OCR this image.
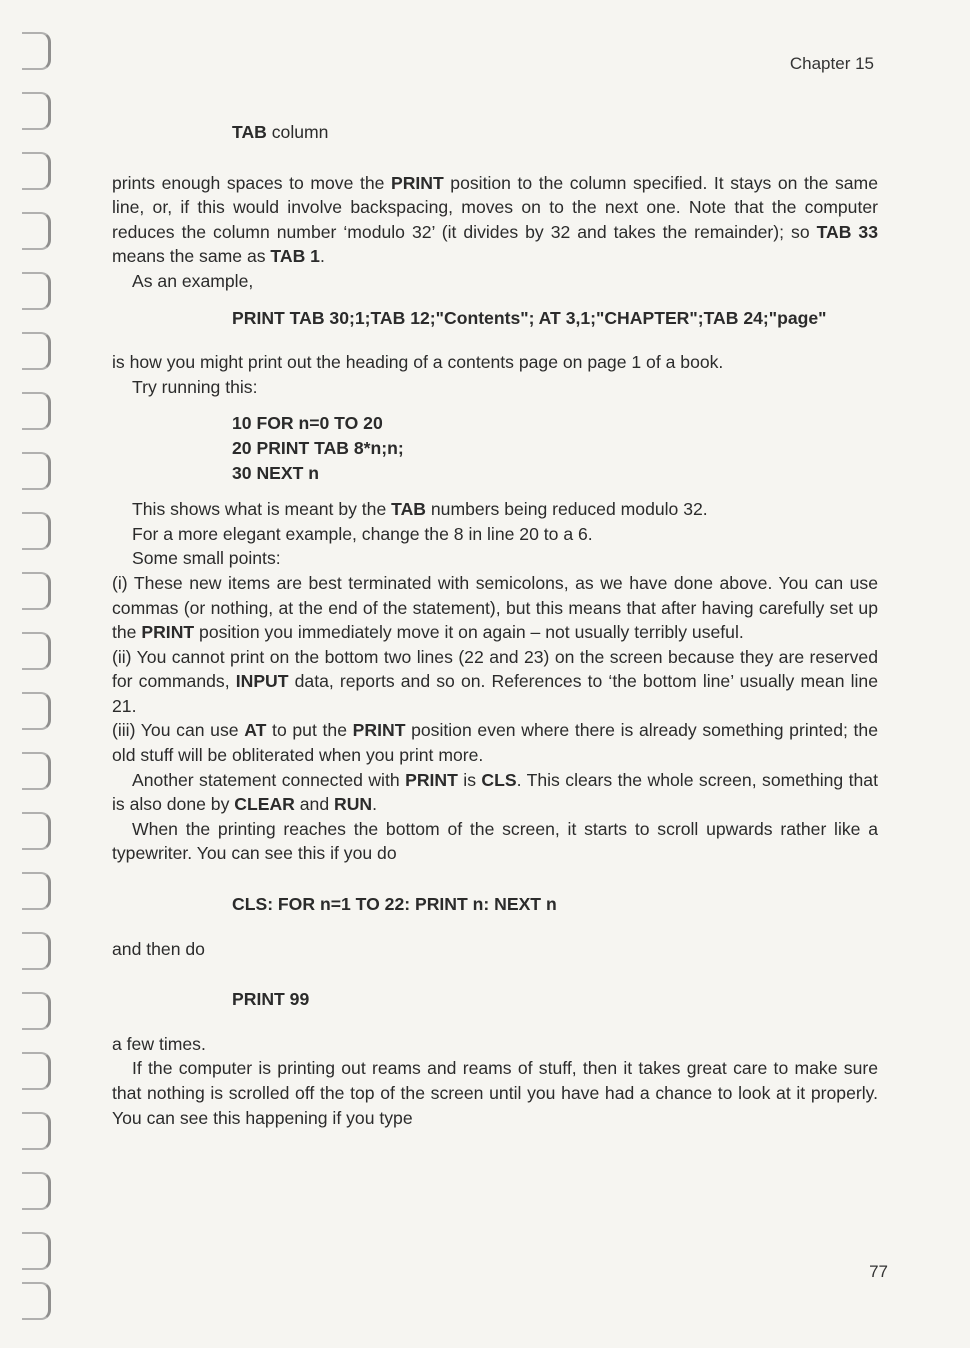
Chapter 15

TAB column

prints enough spaces to move the PRINT position to the column specified. It stays on the same line, or, if this would involve backspacing, moves on to the next one. Note that the computer reduces the column number ‘modulo 32’ (it divides by 32 and takes the remainder); so TAB 33 means the same as TAB 1.

As an example,

PRINT TAB 30;1;TAB 12;"Contents"; AT 3,1;"CHAPTER";TAB 24;"page"

is how you might print out the heading of a contents page on page 1 of a book.

Try running this:

10 FOR n=0 TO 20

20 PRINT TAB 8*n;n;

30 NEXT n

This shows what is meant by the TAB numbers being reduced modulo 32.

For a more elegant example, change the 8 in line 20 to a 6.

Some small points:

(i) These new items are best terminated with semicolons, as we have done above. You can use commas (or nothing, at the end of the statement), but this means that after having carefully set up the PRINT position you immediately move it on again – not usually terribly useful.

(ii) You cannot print on the bottom two lines (22 and 23) on the screen because they are reserved for commands, INPUT data, reports and so on. References to ‘the bottom line’ usually mean line 21.

(iii) You can use AT to put the PRINT position even where there is already something printed; the old stuff will be obliterated when you print more.

Another statement connected with PRINT is CLS. This clears the whole screen, something that is also done by CLEAR and RUN.

When the printing reaches the bottom of the screen, it starts to scroll upwards rather like a typewriter. You can see this if you do

CLS: FOR n=1 TO 22: PRINT n: NEXT n

and then do

PRINT 99

a few times.

If the computer is printing out reams and reams of stuff, then it takes great care to make sure that nothing is scrolled off the top of the screen until you have had a chance to look at it properly. You can see this happening if you type

77
